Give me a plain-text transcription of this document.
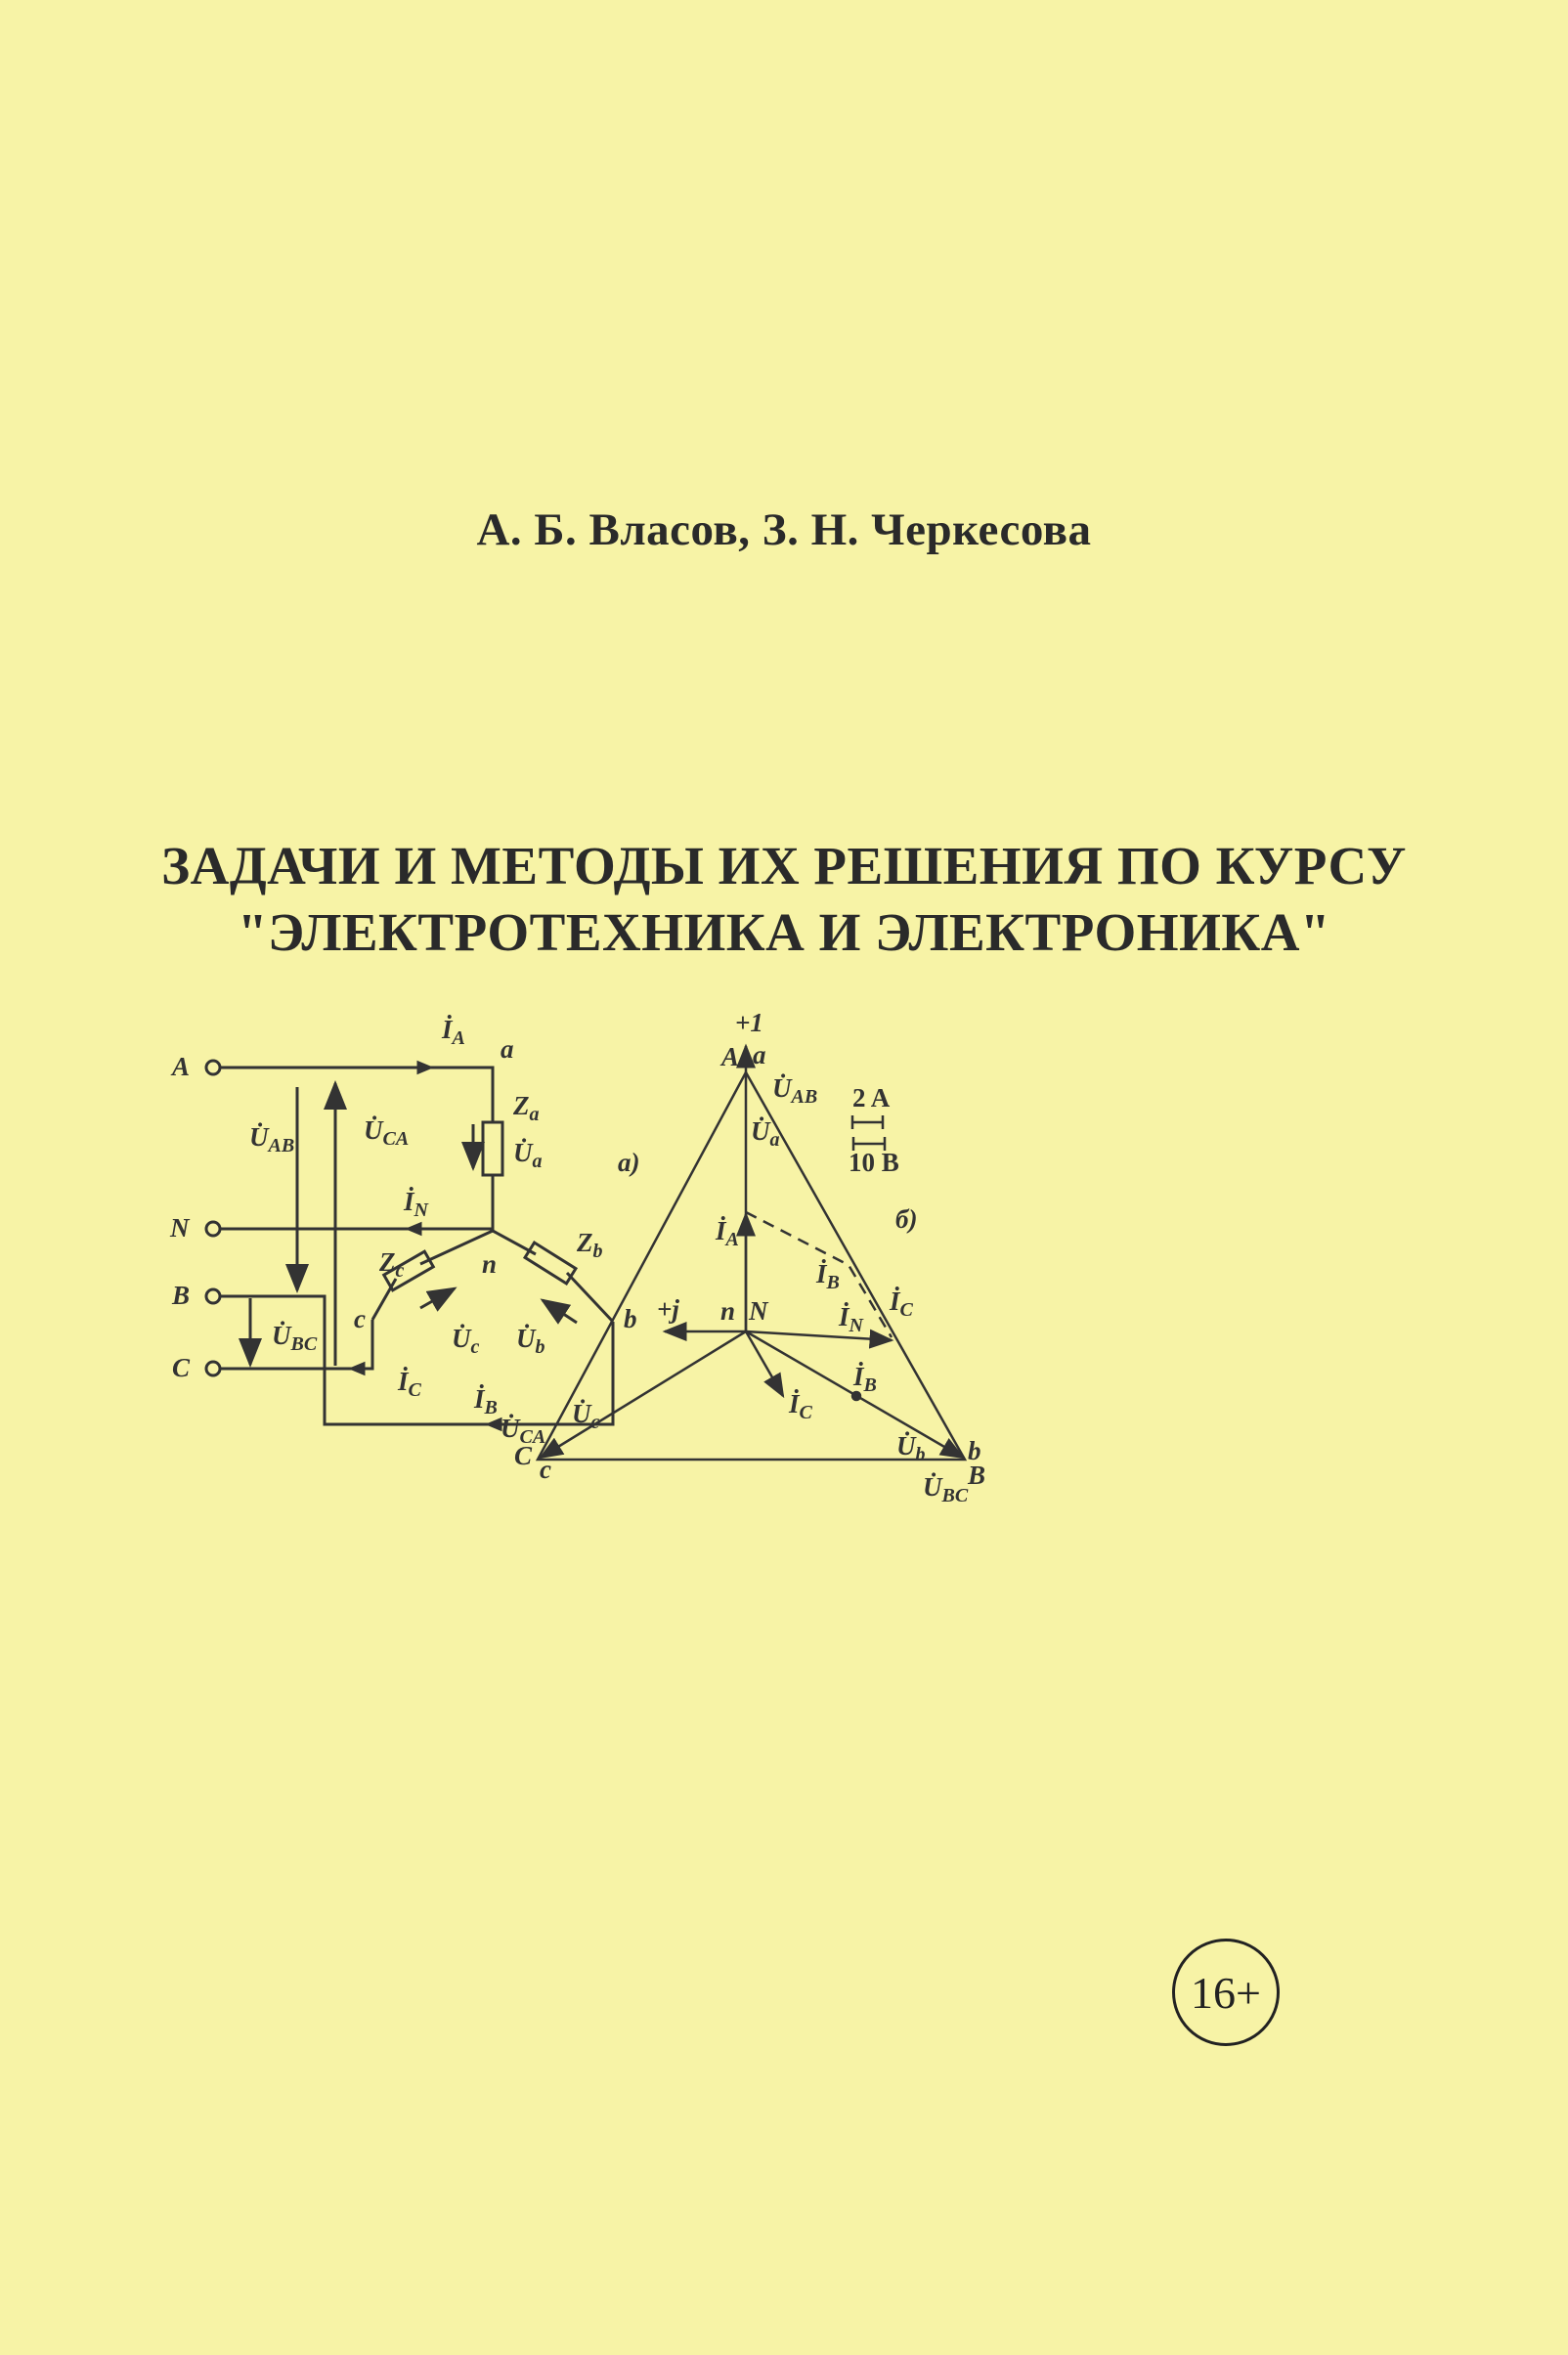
А. Б. Власов, З. Н. Черкесова
ЗАДАЧИ И МЕТОДЫ ИХ РЕШЕНИЯ ПО КУРСУ
"ЭЛЕКТРОТЕХНИКА И ЭЛЕКТРОНИКА"
$İ_A$ a
$Z_a$
$U̇_a$	а)
$İ_N$
$Z_b$
n
$Z_c$
c
$U̇_c$ $U̇_b$
b
$İ_C$ $İ_B$
$U̇_{AB}$
$U̇_{CA}$
$U̇_{BC}$
A
N
B
C
+1
A a
$U̇_{AB}$
$U̇_a$
$İ_A$
$İ_B$
$İ_C$
$İ_N$
n N
+j
$İ_B$
$İ_C$
$U̇_c$
$U̇_{CA}$
C c
$U̇_b$ b
B
$U̇_{BC}$
б)
2 A
10 B
16+
